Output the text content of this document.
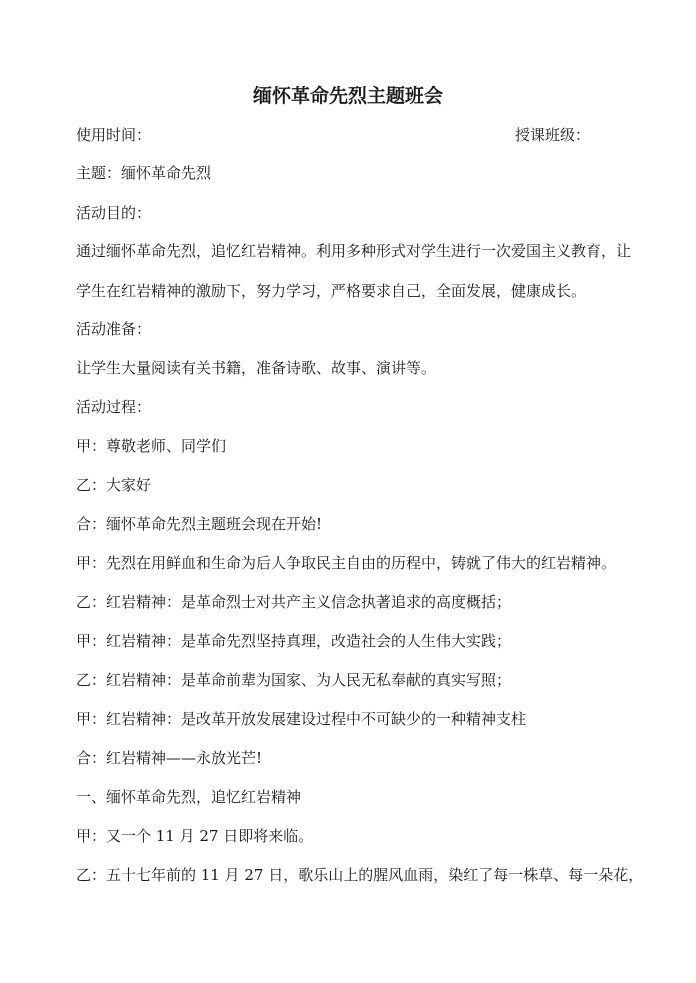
缅怀革命先烈主题班会
使用时间：	授课班级：
主题：缅怀革命先烈
活动目的：
通过缅怀革命先烈，追忆红岩精神。利用多种形式对学生进行一次爱国主义教育，让
学生在红岩精神的激励下，努力学习，严格要求自己，全面发展，健康成长。
活动准备：
让学生大量阅读有关书籍，准备诗歌、故事、演讲等。
活动过程：
甲：尊敬老师、同学们
乙：大家好
合：缅怀革命先烈主题班会现在开始!
甲：先烈在用鲜血和生命为后人争取民主自由的历程中，铸就了伟大的红岩精神。
乙：红岩精神：是革命烈士对共产主义信念执著追求的高度概括；
甲：红岩精神：是革命先烈坚持真理，改造社会的人生伟大实践；
乙：红岩精神：是革命前辈为国家、为人民无私奉献的真实写照；
甲：红岩精神：是改革开放发展建设过程中不可缺少的一种精神支柱
合：红岩精神——永放光芒!
一、缅怀革命先烈，追忆红岩精神
甲：又一个 11 月 27 日即将来临。
乙：五十七年前的 11 月 27 日，歌乐山上的腥风血雨，染红了每一株草、每一朵花，
